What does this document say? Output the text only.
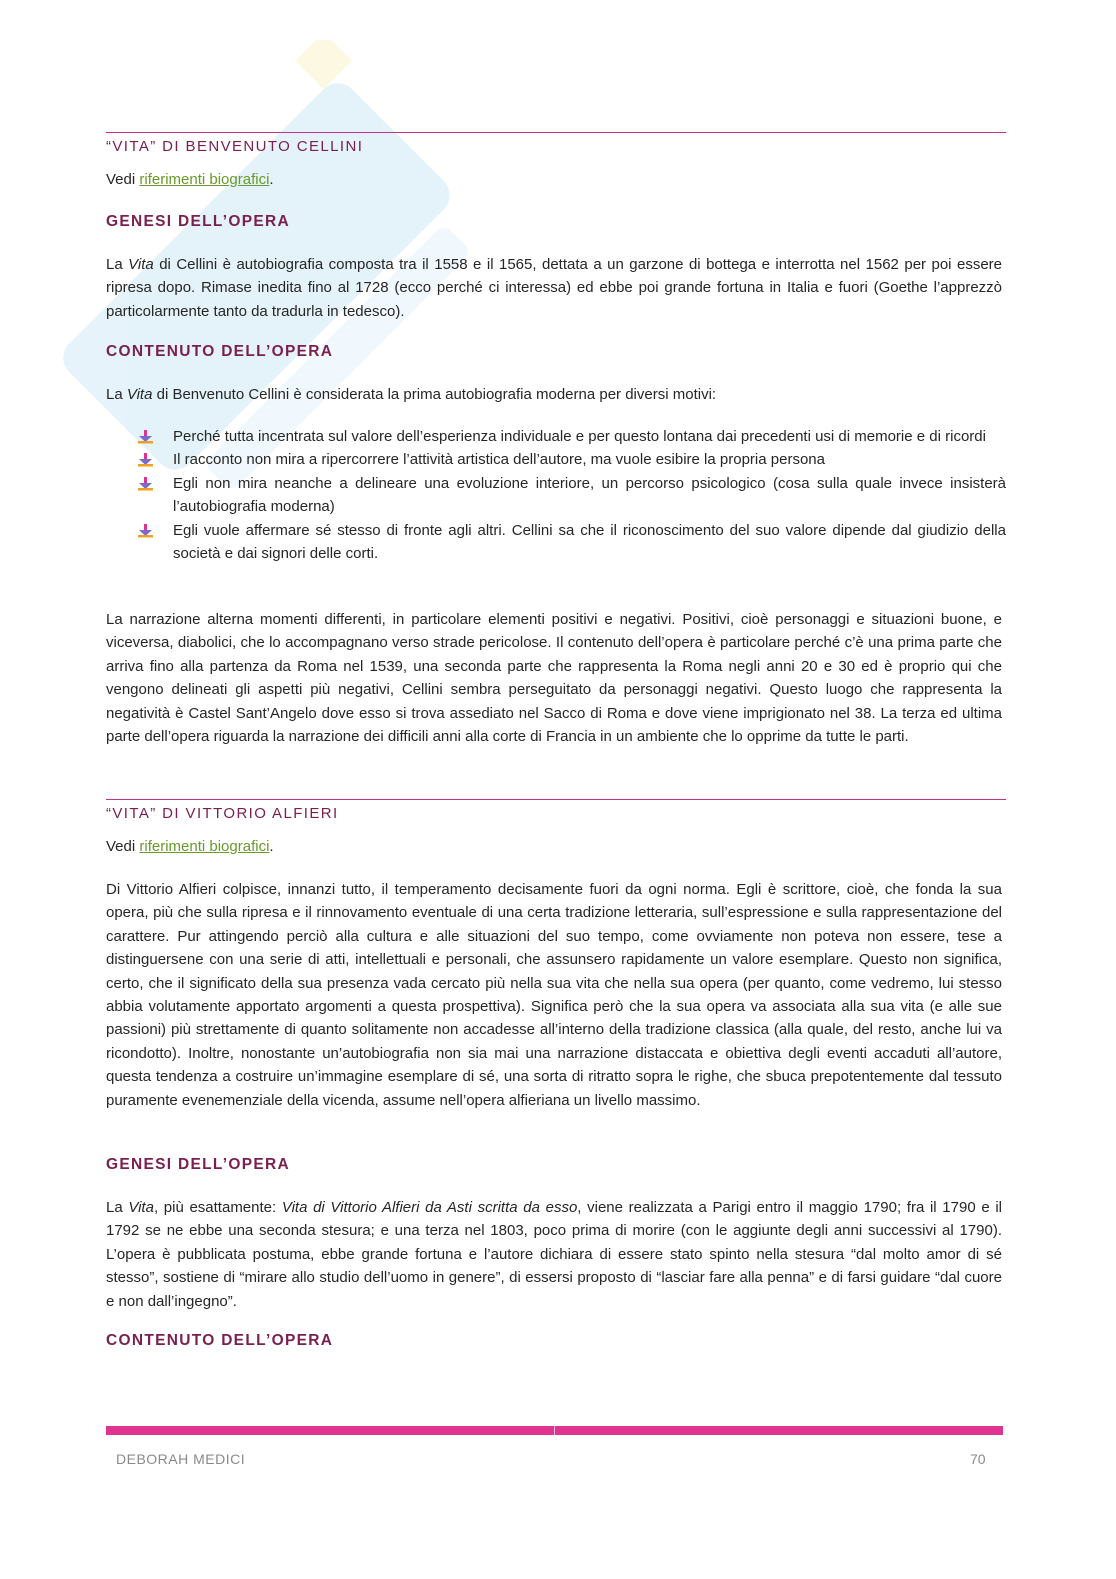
“VITA” DI BENVENUTO CELLINI

Vedi riferimenti biografici.

GENESI DELL’OPERA

La Vita di Cellini è autobiografia composta tra il 1558 e il 1565, dettata a un garzone di bottega e interrotta nel 1562 per poi essere ripresa dopo. Rimase inedita fino al 1728 (ecco perché ci interessa) ed ebbe poi grande fortuna in Italia e fuori (Goethe l’apprezzò particolarmente tanto da tradurla in tedesco).

CONTENUTO DELL’OPERA

La Vita di Benvenuto Cellini è considerata la prima autobiografia moderna per diversi motivi:

Perché tutta incentrata sul valore dell’esperienza individuale e per questo lontana dai precedenti usi di memorie e di ricordi
Il racconto non mira a ripercorrere l’attività artistica dell’autore, ma vuole esibire la propria persona
Egli non mira neanche a delineare una evoluzione interiore, un percorso psicologico (cosa sulla quale invece insisterà l’autobiografia moderna)
Egli vuole affermare sé stesso di fronte agli altri. Cellini sa che il riconoscimento del suo valore dipende dal giudizio della società e dai signori delle corti.

La narrazione alterna momenti differenti, in particolare elementi positivi e negativi. Positivi, cioè personaggi e situazioni buone, e viceversa, diabolici, che lo accompagnano verso strade pericolose. Il contenuto dell’opera è particolare perché c’è una prima parte che arriva fino alla partenza da Roma nel 1539, una seconda parte che rappresenta la Roma negli anni 20 e 30 ed è proprio qui che vengono delineati gli aspetti più negativi, Cellini sembra perseguitato da personaggi negativi. Questo luogo che rappresenta la negatività è Castel Sant’Angelo dove esso si trova assediato nel Sacco di Roma e dove viene imprigionato nel 38. La terza ed ultima parte dell’opera riguarda la narrazione dei difficili anni alla corte di Francia in un ambiente che lo opprime da tutte le parti.

“VITA” DI VITTORIO ALFIERI

Vedi riferimenti biografici.

Di Vittorio Alfieri colpisce, innanzi tutto, il temperamento decisamente fuori da ogni norma. Egli è scrittore, cioè, che fonda la sua opera, più che sulla ripresa e il rinnovamento eventuale di una certa tradizione letteraria, sull’espressione e sulla rappresentazione del carattere. Pur attingendo perciò alla cultura e alle situazioni del suo tempo, come ovviamente non poteva non essere, tese a distinguersene con una serie di atti, intellettuali e personali, che assunsero rapidamente un valore esemplare. Questo non significa, certo, che il significato della sua presenza vada cercato più nella sua vita che nella sua opera (per quanto, come vedremo, lui stesso abbia volutamente apportato argomenti a questa prospettiva). Significa però che la sua opera va associata alla sua vita (e alle sue passioni) più strettamente di quanto solitamente non accadesse all’interno della tradizione classica (alla quale, del resto, anche lui va ricondotto). Inoltre, nonostante un’autobiografia non sia mai una narrazione distaccata e obiettiva degli eventi accaduti all’autore, questa tendenza a costruire un’immagine esemplare di sé, una sorta di ritratto sopra le righe, che sbuca prepotentemente dal tessuto puramente evenemenziale della vicenda, assume nell’opera alfieriana un livello massimo.

GENESI DELL’OPERA

La Vita, più esattamente: Vita di Vittorio Alfieri da Asti scritta da esso, viene realizzata a Parigi entro il maggio 1790; fra il 1790 e il 1792 se ne ebbe una seconda stesura; e una terza nel 1803, poco prima di morire (con le aggiunte degli anni successivi al 1790). L’opera è pubblicata postuma, ebbe grande fortuna e l’autore dichiara di essere stato spinto nella stesura “dal molto amor di sé stesso”, sostiene di “mirare allo studio dell’uomo in genere”, di essersi proposto di “lasciar fare alla penna” e di farsi guidare “dal cuore e non dall’ingegno”.

CONTENUTO DELL’OPERA
DEBORAH MEDICI	70
